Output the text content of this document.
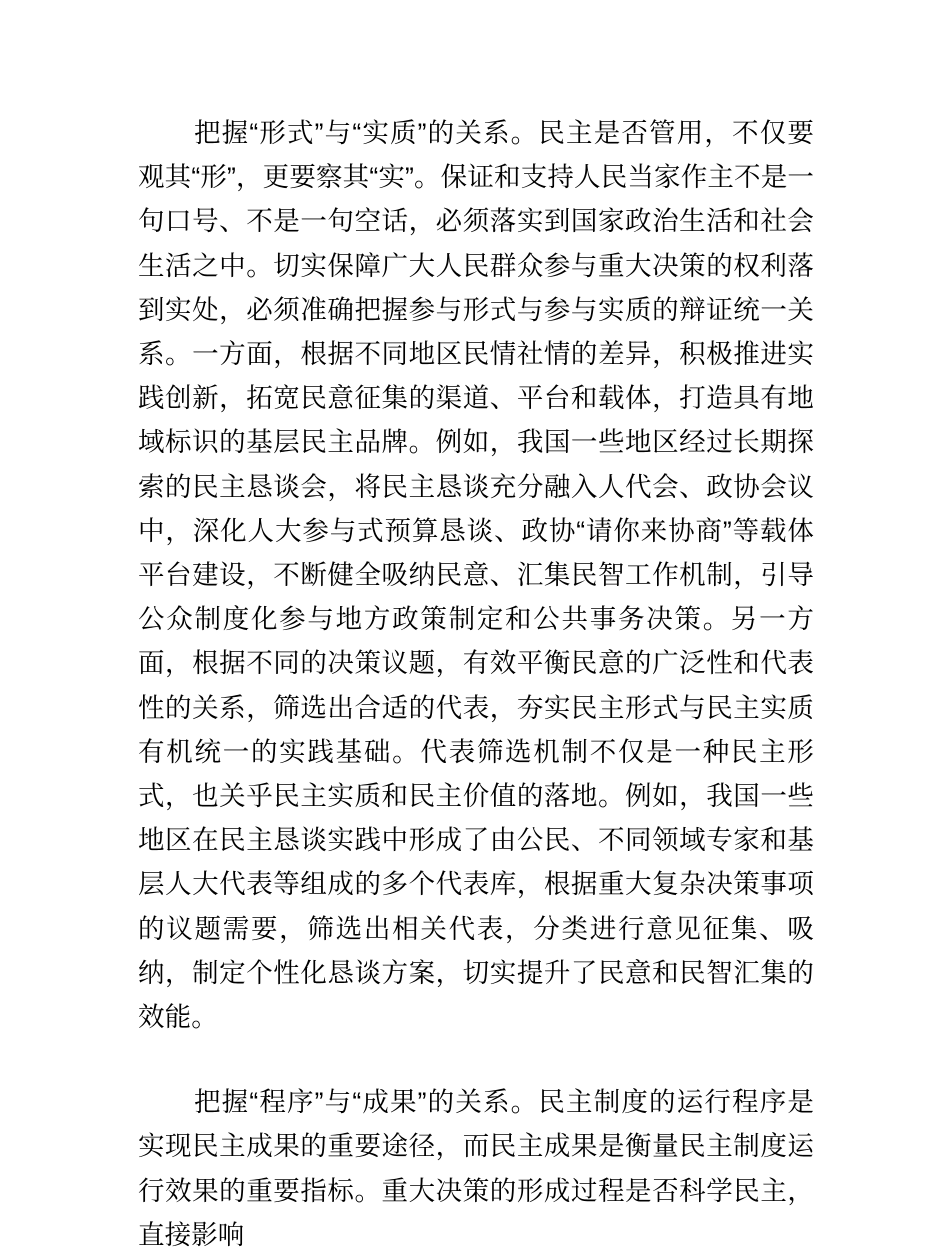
把握“形式”与“实质”的关系。民主是否管用，不仅要观其“形”，更要察其“实”。保证和支持人民当家作主不是一句口号、不是一句空话，必须落实到国家政治生活和社会生活之中。切实保障广大人民群众参与重大决策的权利落到实处，必须准确把握参与形式与参与实质的辩证统一关系。一方面，根据不同地区民情社情的差异，积极推进实践创新，拓宽民意征集的渠道、平台和载体，打造具有地域标识的基层民主品牌。例如，我国一些地区经过长期探索的民主恳谈会，将民主恳谈充分融入人代会、政协会议中，深化人大参与式预算恳谈、政协“请你来协商”等载体平台建设，不断健全吸纳民意、汇集民智工作机制，引导公众制度化参与地方政策制定和公共事务决策。另一方面，根据不同的决策议题，有效平衡民意的广泛性和代表性的关系，筛选出合适的代表，夯实民主形式与民主实质有机统一的实践基础。代表筛选机制不仅是一种民主形式，也关乎民主实质和民主价值的落地。例如，我国一些地区在民主恳谈实践中形成了由公民、不同领域专家和基层人大代表等组成的多个代表库，根据重大复杂决策事项的议题需要，筛选出相关代表，分类进行意见征集、吸纳，制定个性化恳谈方案，切实提升了民意和民智汇集的效能。

把握“程序”与“成果”的关系。民主制度的运行程序是实现民主成果的重要途径，而民主成果是衡量民主制度运行效果的重要指标。重大决策的形成过程是否科学民主，直接影响
